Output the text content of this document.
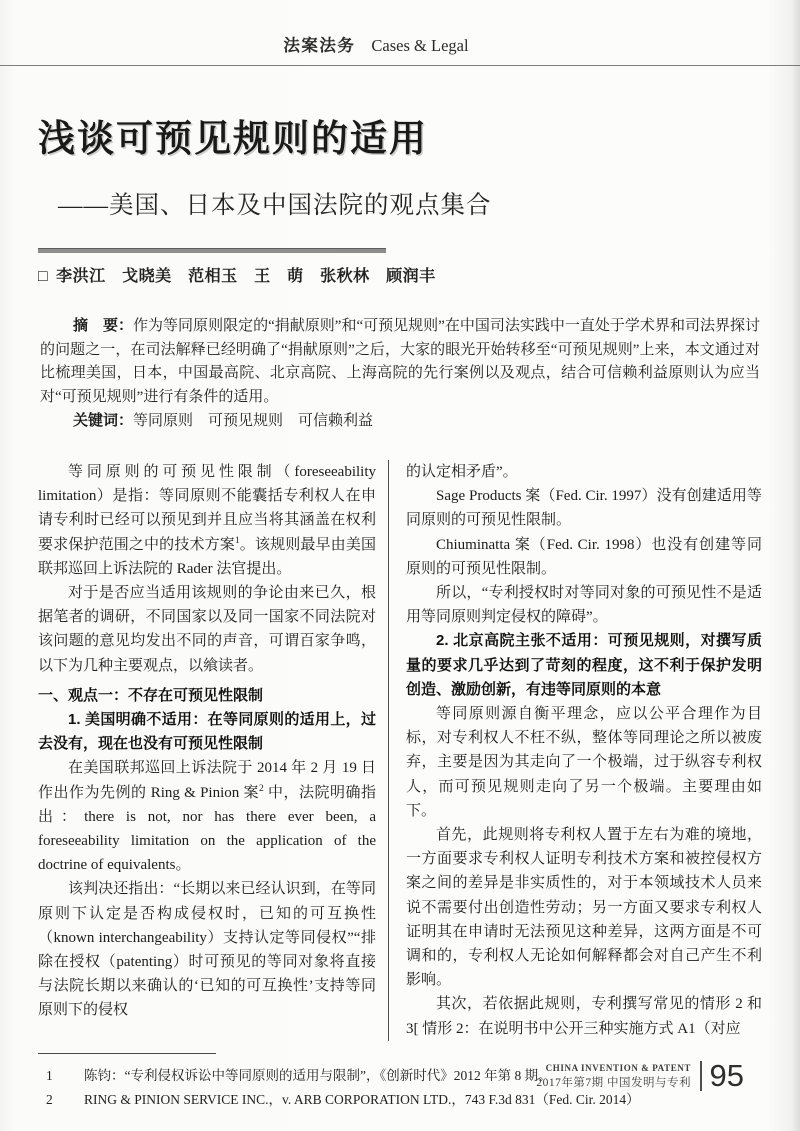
法案法务 Cases & Legal
浅谈可预见规则的适用
——美国、日本及中国法院的观点集合
□ 李洪江　戈晓美　范相玉　王　萌　张秋林　顾润丰

摘　要：作为等同原则限定的“捐献原则”和“可预见规则”在中国司法实践中一直处于学术界和司法界探讨的问题之一，在司法解释已经明确了“捐献原则”之后，大家的眼光开始转移至“可预见规则”上来，本文通过对比梳理美国，日本，中国最高院、北京高院、上海高院的先行案例以及观点，结合可信赖利益原则认为应当对“可预见规则”进行有条件的适用。

关键词：等同原则　可预见规则　可信赖利益

等同原则的可预见性限制（foreseeability limitation）是指：等同原则不能囊括专利权人在申请专利时已经可以预见到并且应当将其涵盖在权利要求保护范围之中的技术方案$^1$。该规则最早由美国联邦巡回上诉法院的 Rader 法官提出。

对于是否应当适用该规则的争论由来已久，根据笔者的调研，不同国家以及同一国家不同法院对该问题的意见均发出不同的声音，可谓百家争鸣，以下为几种主要观点，以飨读者。

一、观点一：不存在可预见性限制

1. 美国明确不适用：在等同原则的适用上，过去没有，现在也没有可预见性限制

在美国联邦巡回上诉法院于 2014 年 2 月 19 日作出作为先例的 Ring & Pinion 案$^2$ 中，法院明确指出：there is not, nor has there ever been, a foreseeability limitation on the application of the doctrine of equivalents。

该判决还指出：“长期以来已经认识到，在等同原则下认定是否构成侵权时，已知的可互换性（known interchangeability）支持认定等同侵权”“排除在授权（patenting）时可预见的等同对象将直接与法院长期以来确认的‘已知的可互换性’支持等同原则下的侵权

的认定相矛盾”。

Sage Products 案（Fed. Cir. 1997）没有创建适用等同原则的可预见性限制。

Chiuminatta 案（Fed. Cir. 1998）也没有创建等同原则的可预见性限制。

所以，“专利授权时对等同对象的可预见性不是适用等同原则判定侵权的障碍”。

2. 北京高院主张不适用：可预见规则，对撰写质量的要求几乎达到了苛刻的程度，这不利于保护发明创造、激励创新，有违等同原则的本意

等同原则源自衡平理念，应以公平合理作为目标，对专利权人不枉不纵，整体等同理论之所以被废弃，主要是因为其走向了一个极端，过于纵容专利权人，而可预见规则走向了另一个极端。主要理由如下。

首先，此规则将专利权人置于左右为难的境地，一方面要求专利权人证明专利技术方案和被控侵权方案之间的差异是非实质性的，对于本领域技术人员来说不需要付出创造性劳动；另一方面又要求专利权人证明其在申请时无法预见这种差异，这两方面是不可调和的，专利权人无论如何解释都会对自己产生不利影响。

其次，若依据此规则，专利撰写常见的情形 2 和 3[ 情形 2：在说明书中公开三种实施方式 A1（对应

1	陈钧：“专利侵权诉讼中等同原则的适用与限制”，《创新时代》2012 年第 8 期。
2	RING & PINION SERVICE INC.，v. ARB CORPORATION LTD.，743 F.3d 831（Fed. Cir. 2014）
CHINA INVENTION & PATENT
2017年第7期 中国发明与专利 95
